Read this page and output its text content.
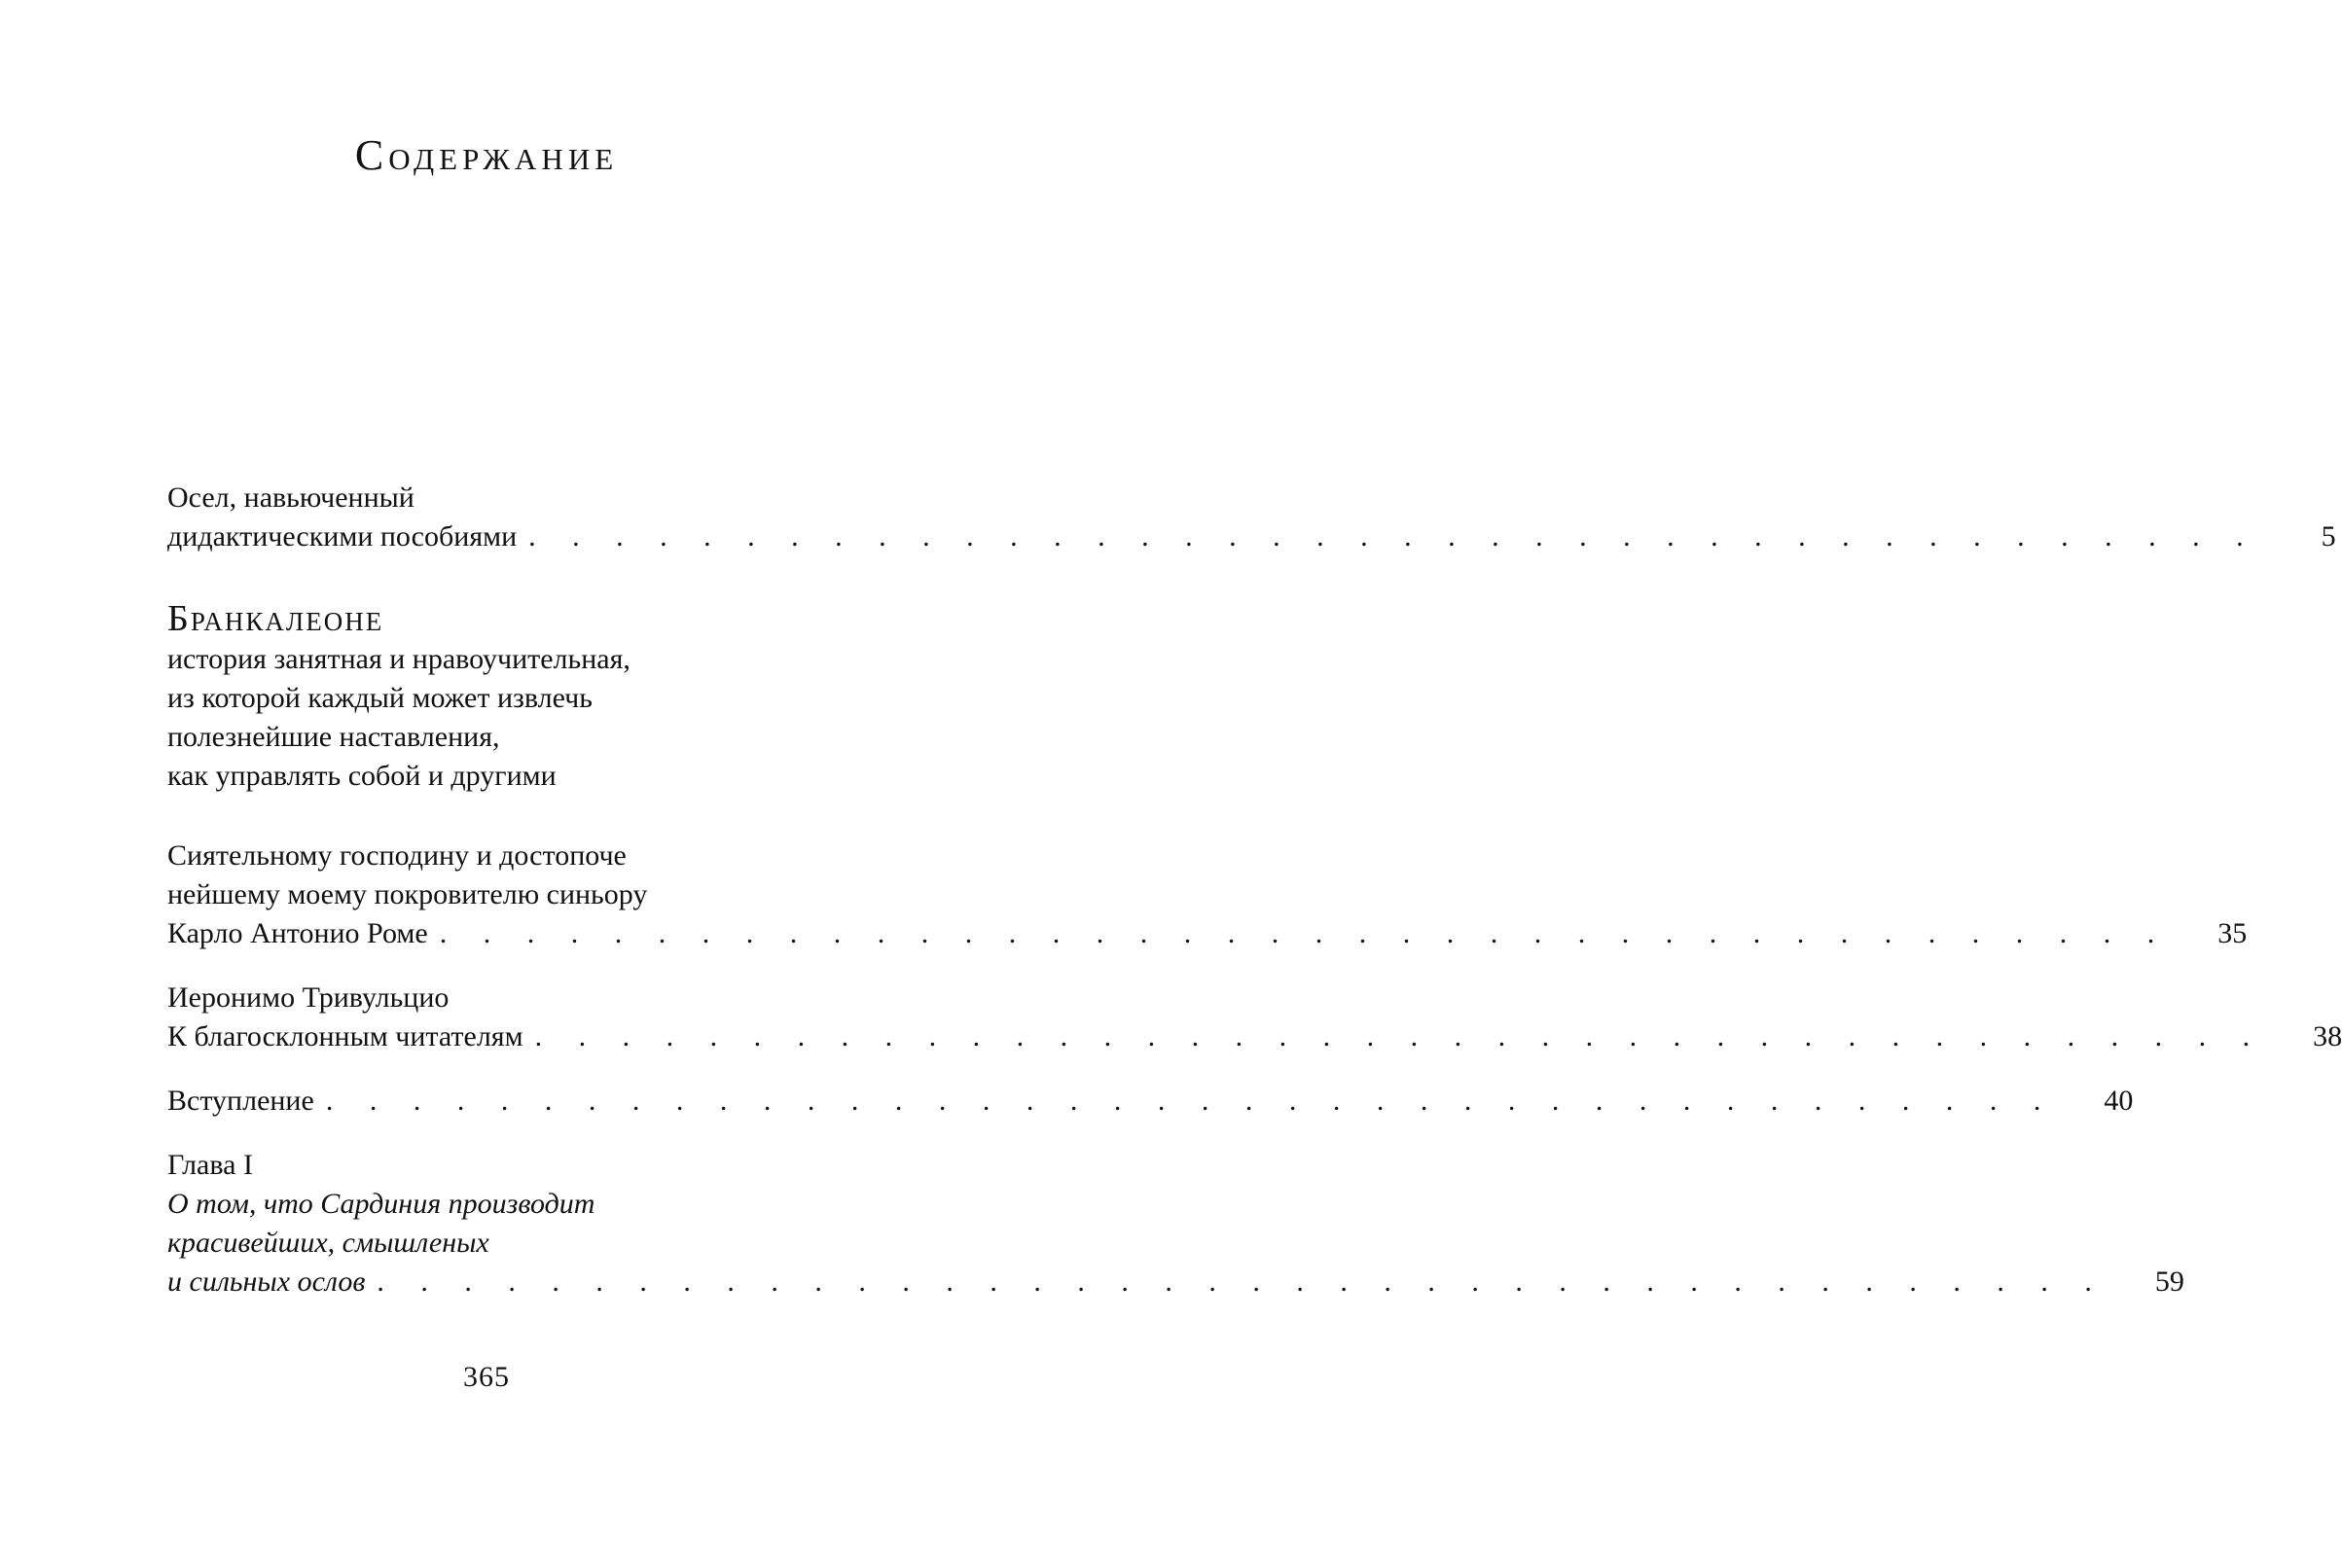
Содержание
Осел, навьюченный
дидактическими пособиями . . . . . . . . . . . . . . . . . . . . . . . . . . . . . . . . . . . . . . . .	5
Бранкалеоне
история занятная и нравоучительная,
из которой каждый может извлечь
полезнейшие наставления,
как управлять собой и другими
Сиятельному господину и достопоче
нейшему моему покровителю синьору
Карло Антонио Роме . . . . . . . . . . . . . . . . . . . . . . . . . . . . . . . . . . . . . . . .	35
Иеронимо Тривульцио
К благосклонным читателям . . . . . . . . . . . . . . . . . . . . . . . . . . . . . . . . . . . . . . . .	38
Вступление . . . . . . . . . . . . . . . . . . . . . . . . . . . . . . . . . . . . . . . .	40
Глава I
О том, что Сардиния производит
красивейших, смышленых
и сильных ослов . . . . . . . . . . . . . . . . . . . . . . . . . . . . . . . . . . . . . . . .	59
365
